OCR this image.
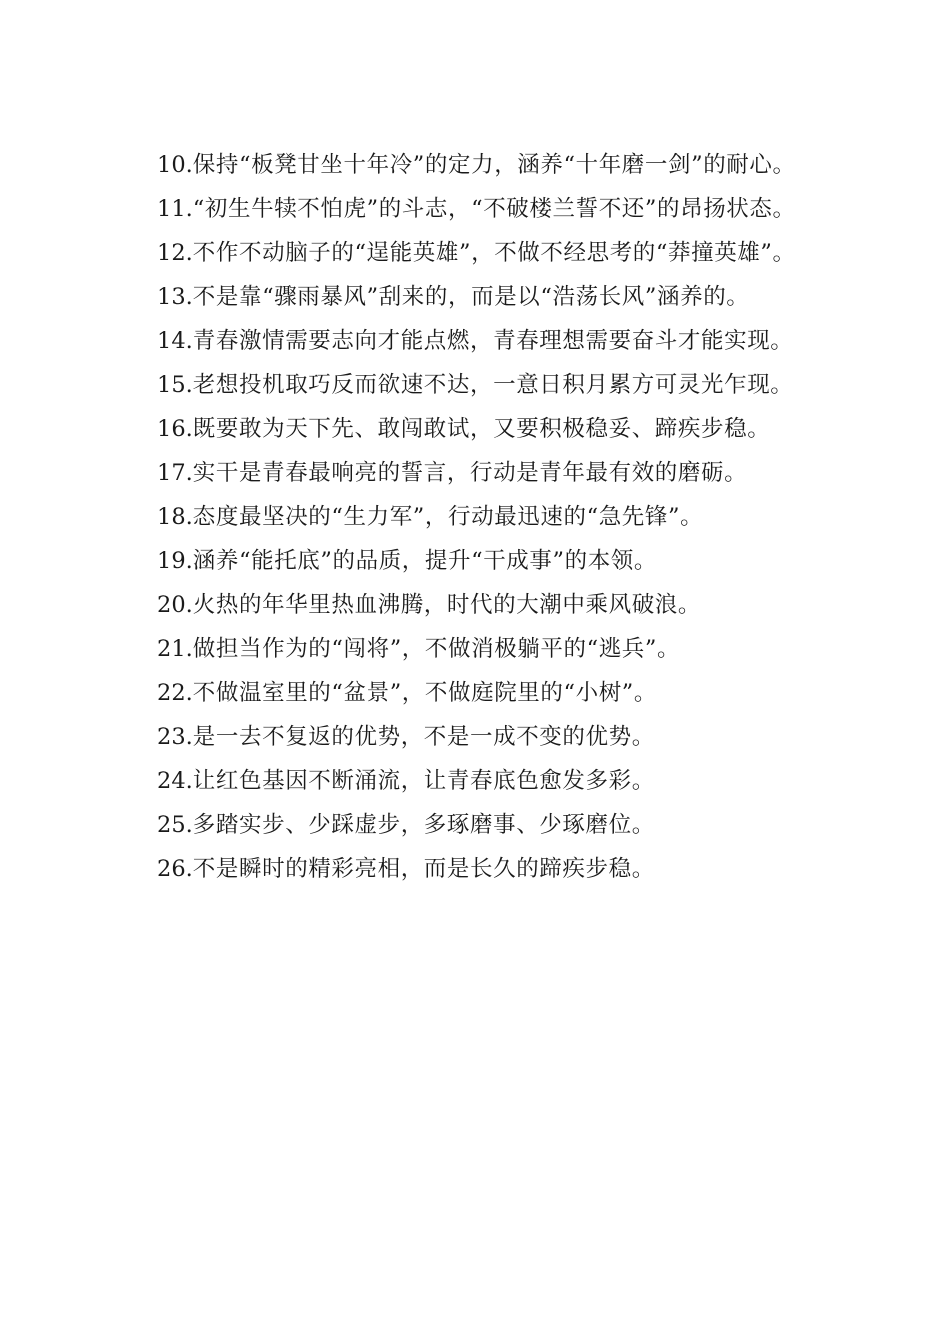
10.保持“板凳甘坐十年冷”的定力，涵养“十年磨一剑”的耐心。

11.“初生牛犊不怕虎”的斗志，“不破楼兰誓不还”的昂扬状态。

12.不作不动脑子的“逞能英雄”，不做不经思考的“莽撞英雄”。

13.不是靠“骤雨暴风”刮来的，而是以“浩荡长风”涵养的。

14.青春激情需要志向才能点燃，青春理想需要奋斗才能实现。

15.老想投机取巧反而欲速不达，一意日积月累方可灵光乍现。

16.既要敢为天下先、敢闯敢试，又要积极稳妥、蹄疾步稳。

17.实干是青春最响亮的誓言，行动是青年最有效的磨砺。

18.态度最坚决的“生力军”，行动最迅速的“急先锋”。

19.涵养“能托底”的品质，提升“干成事”的本领。

20.火热的年华里热血沸腾，时代的大潮中乘风破浪。

21.做担当作为的“闯将”，不做消极躺平的“逃兵”。

22.不做温室里的“盆景”，不做庭院里的“小树”。

23.是一去不复返的优势，不是一成不变的优势。

24.让红色基因不断涌流，让青春底色愈发多彩。

25.多踏实步、少踩虚步，多琢磨事、少琢磨位。

26.不是瞬时的精彩亮相，而是长久的蹄疾步稳。
